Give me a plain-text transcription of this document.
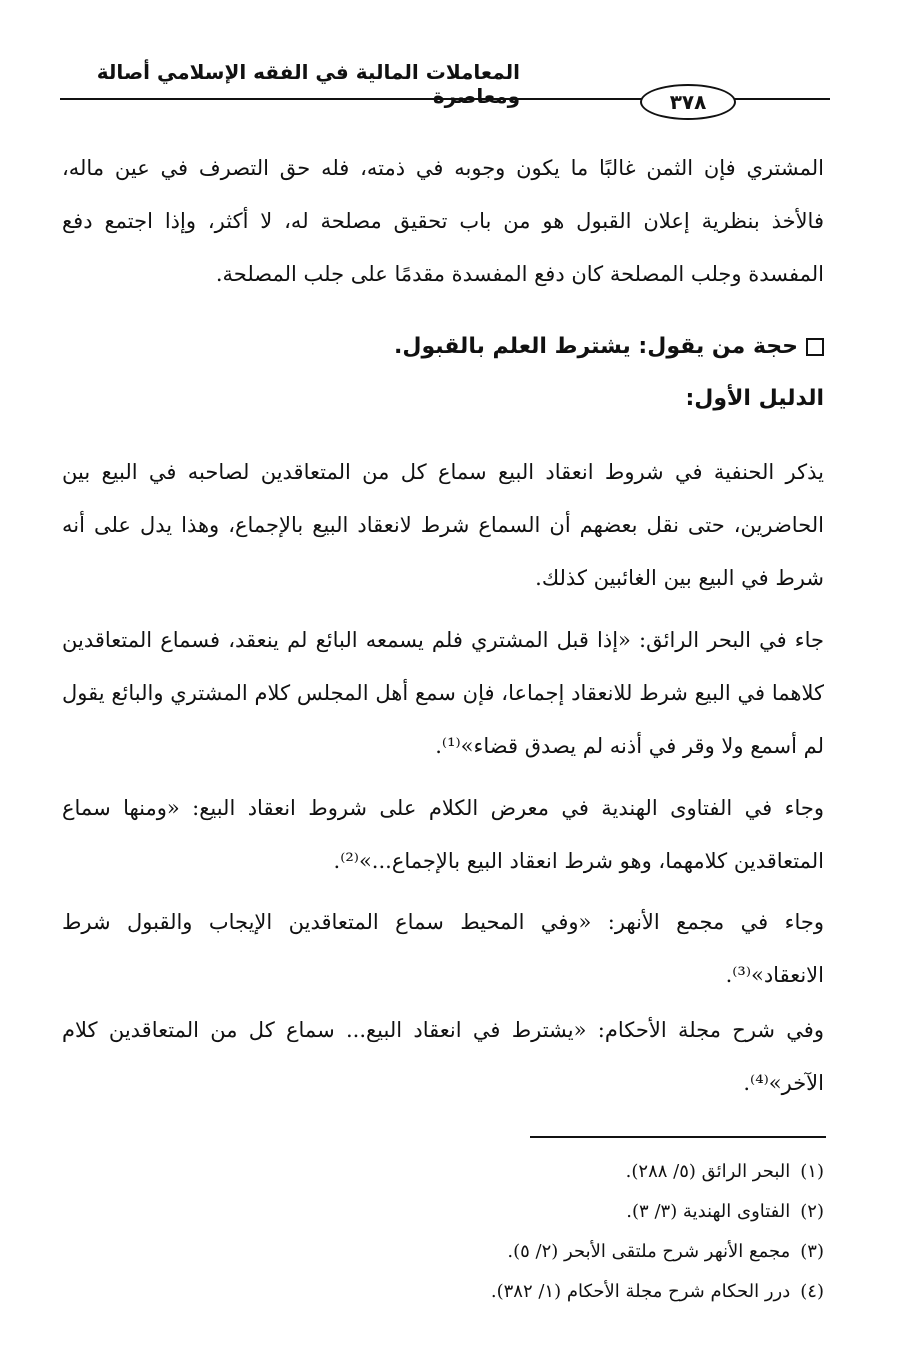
المعاملات المالية في الفقه الإسلامي أصالة ومعاصرة	٣٧٨

المشتري فإن الثمن غالبًا ما يكون وجوبه في ذمته، فله حق التصرف في عين ماله، فالأخذ بنظرية إعلان القبول هو من باب تحقيق مصلحة له، لا أكثر، وإذا اجتمع دفع المفسدة وجلب المصلحة كان دفع المفسدة مقدمًا على جلب المصلحة.

حجة من يقول: يشترط العلم بالقبول.
الدليل الأول:

يذكر الحنفية في شروط انعقاد البيع سماع كل من المتعاقدين لصاحبه في البيع بين الحاضرين، حتى نقل بعضهم أن السماع شرط لانعقاد البيع بالإجماع، وهذا يدل على أنه شرط في البيع بين الغائبين كذلك.

جاء في البحر الرائق: «إذا قبل المشتري فلم يسمعه البائع لم ينعقد، فسماع المتعاقدين كلاهما في البيع شرط للانعقاد إجماعا، فإن سمع أهل المجلس كلام المشتري والبائع يقول لم أسمع ولا وقر في أذنه لم يصدق قضاء»⁽¹⁾.

وجاء في الفتاوى الهندية في معرض الكلام على شروط انعقاد البيع: «ومنها سماع المتعاقدين كلامهما، وهو شرط انعقاد البيع بالإجماع...»⁽²⁾.

وجاء في مجمع الأنهر: «وفي المحيط سماع المتعاقدين الإيجاب والقبول شرط الانعقاد»⁽³⁾.

وفي شرح مجلة الأحكام: «يشترط في انعقاد البيع... سماع كل من المتعاقدين كلام الآخر»⁽⁴⁾.

(١)البحر الرائق (٥/ ٢٨٨).
(٢)الفتاوى الهندية (٣/ ٣).
(٣)مجمع الأنهر شرح ملتقى الأبحر (٢/ ٥).
(٤)درر الحكام شرح مجلة الأحكام (١/ ٣٨٢).
